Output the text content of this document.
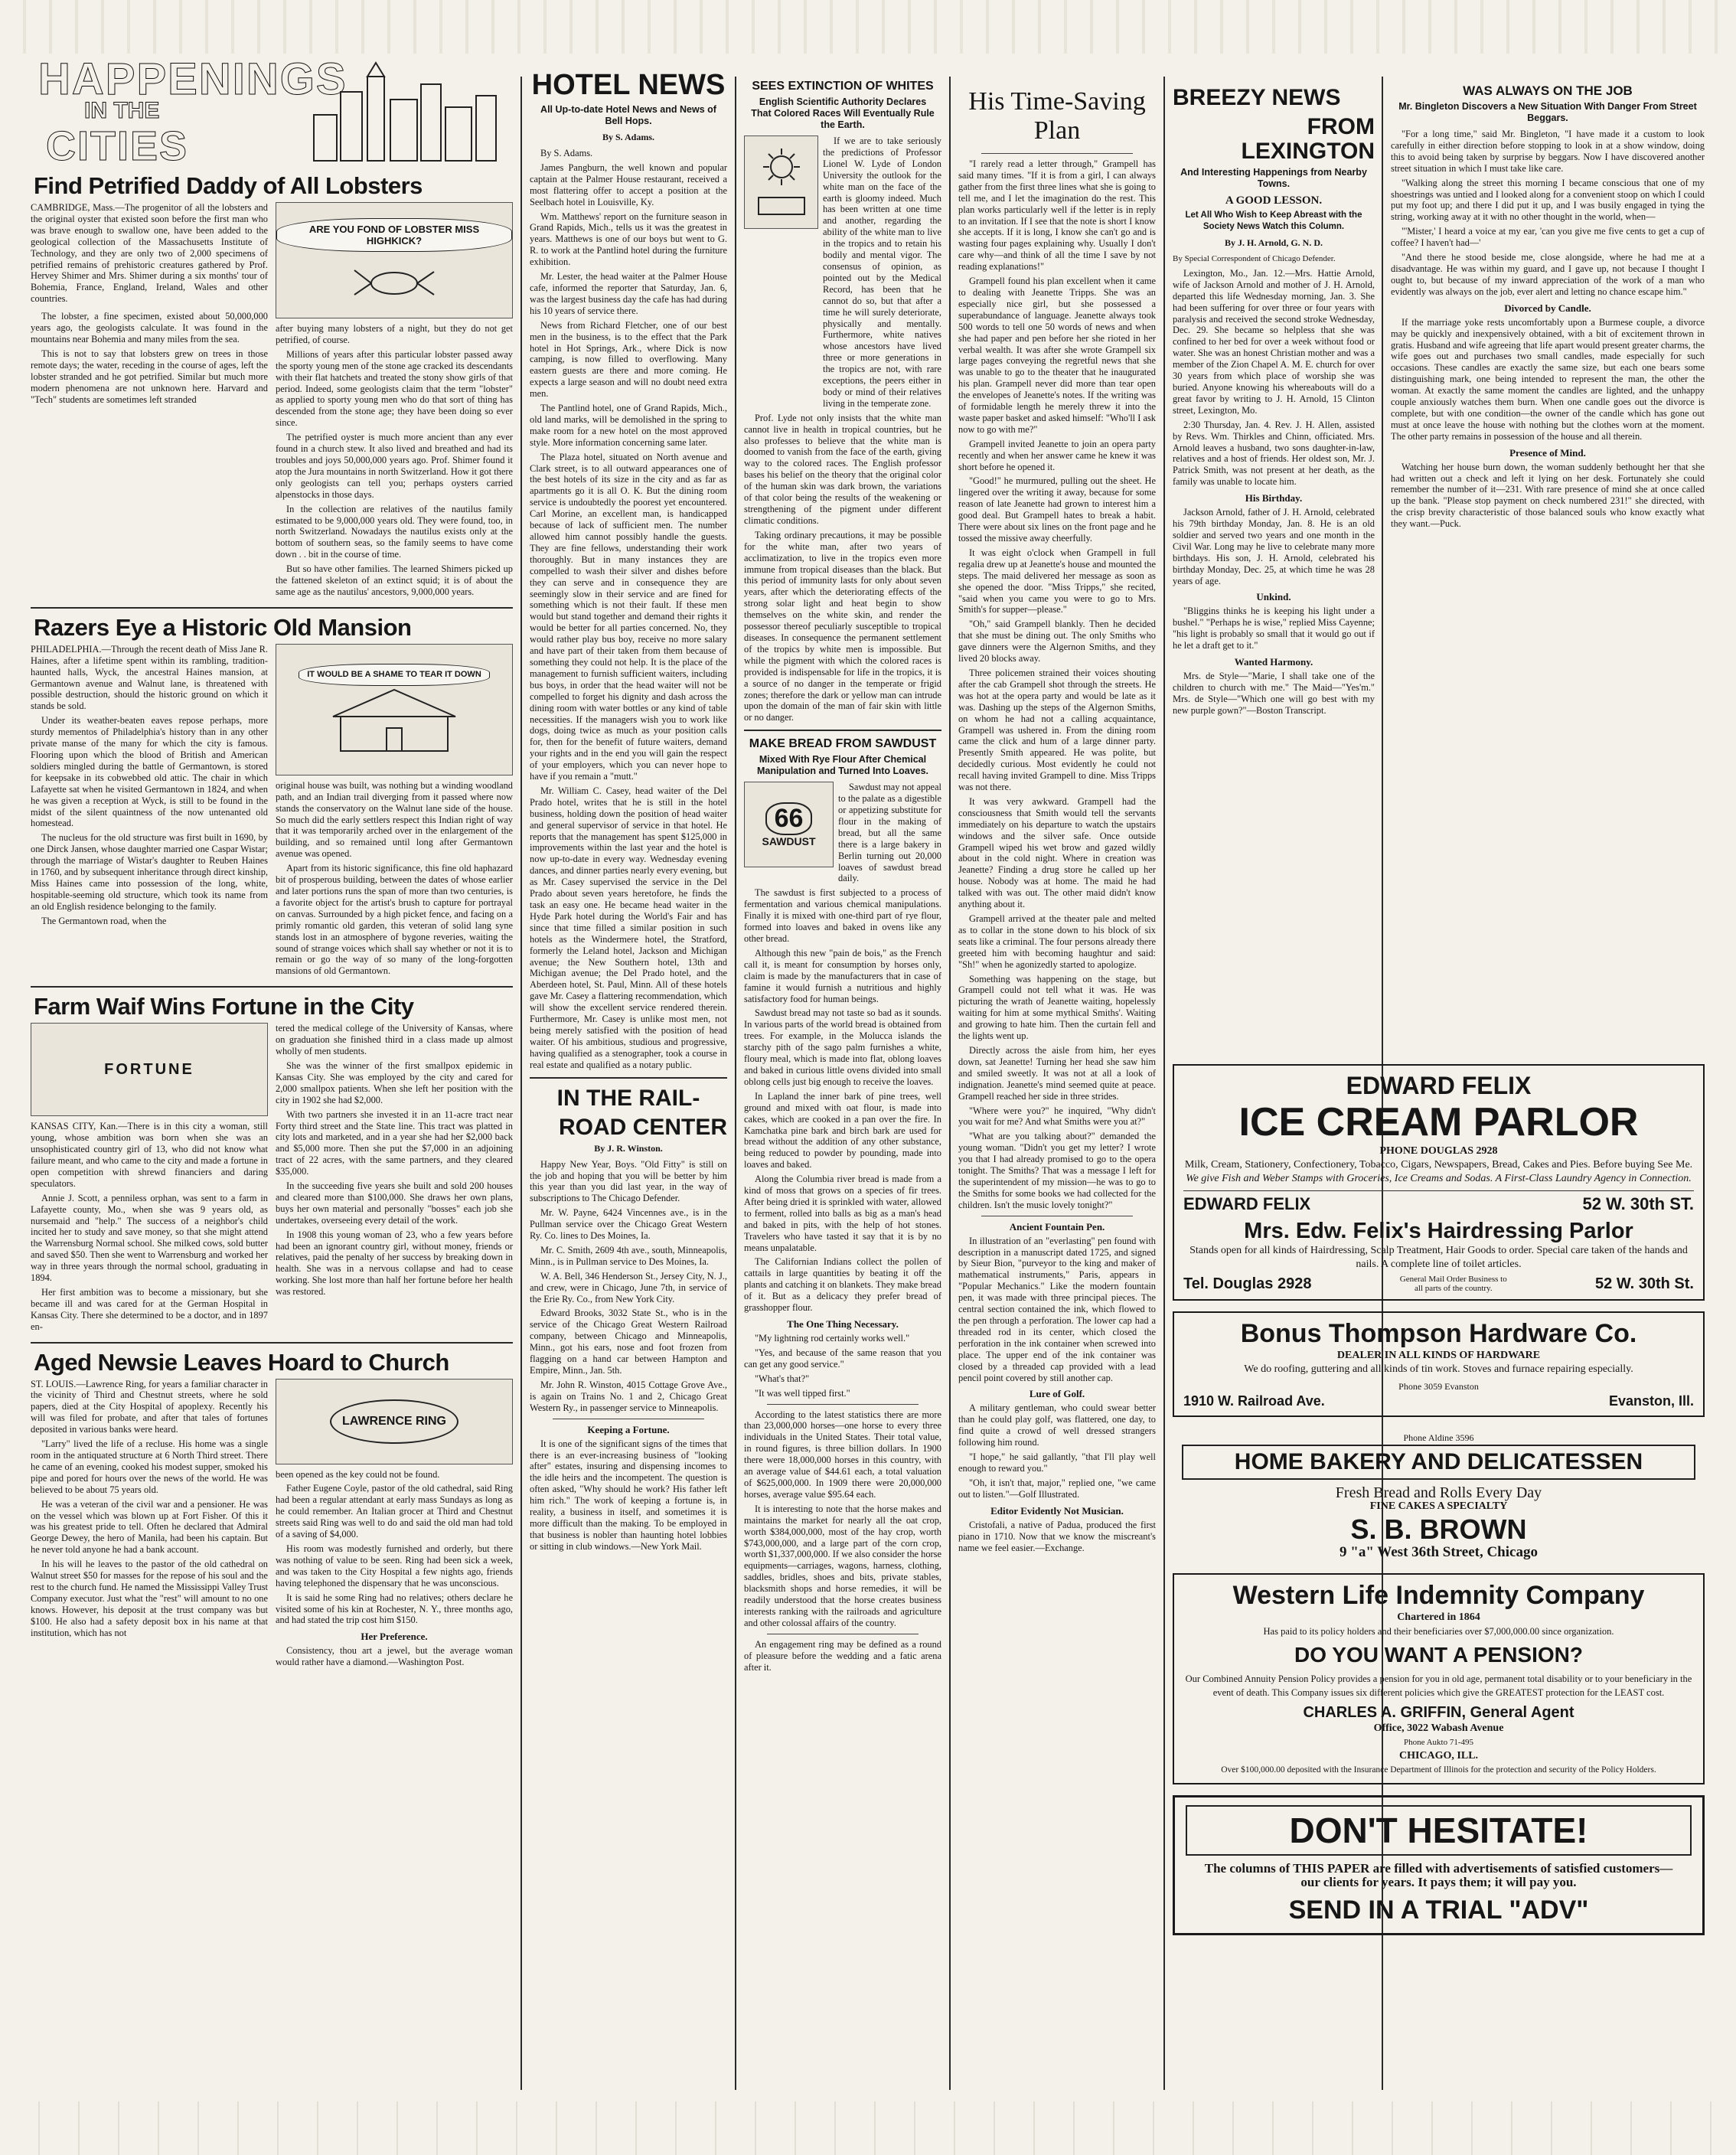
HAPPENINGS
IN THE
CITIES
Find Petrified Daddy of All Lobsters

CAMBRIDGE, Mass.—The progenitor of all the lobsters and the original oyster that existed soon before the first man who was brave enough to swallow one, have been added to the geological collection of the Massachusetts Institute of Technology, and they are only two of 2,000 specimens of petrified remains of prehistoric creatures gathered by Prof. Hervey Shimer and Mrs. Shimer during a six months' tour of Bohemia, France, England, Ireland, Wales and other countries.

The lobster, a fine specimen, existed about 50,000,000 years ago, the geologists calculate. It was found in the mountains near Bohemia and many miles from the sea.

This is not to say that lobsters grew on trees in those remote days; the water, receding in the course of ages, left the lobster stranded and he got petrified. Similar but much more modern phenomena are not unknown here. Harvard and "Tech" students are sometimes left stranded

ARE YOU FOND OF LOBSTER MISS HIGHKICK?

after buying many lobsters of a night, but they do not get petrified, of course.

Millions of years after this particular lobster passed away the sporty young men of the stone age cracked its descendants with their flat hatchets and treated the stony show girls of that period. Indeed, some geologists claim that the term "lobster" as applied to sporty young men who do that sort of thing has descended from the stone age; they have been doing so ever since.

The petrified oyster is much more ancient than any ever found in a church stew. It also lived and breathed and had its troubles and joys 50,000,000 years ago. Prof. Shimer found it atop the Jura mountains in north Switzerland. How it got there only geologists can tell you; perhaps oysters carried alpenstocks in those days.

In the collection are relatives of the nautilus family estimated to be 9,000,000 years old. They were found, too, in north Switzerland. Nowadays the nautilus exists only at the bottom of southern seas, so the family seems to have come down . . bit in the course of time.

But so have other families. The learned Shimers picked up the fattened skeleton of an extinct squid; it is of about the same age as the nautilus' ancestors, 9,000,000 years.

Razers Eye a Historic Old Mansion

PHILADELPHIA.—Through the recent death of Miss Jane R. Haines, after a lifetime spent within its rambling, tradition-haunted halls, Wyck, the ancestral Haines mansion, at Germantown avenue and Walnut lane, is threatened with possible destruction, should the historic ground on which it stands be sold.

Under its weather-beaten eaves repose perhaps, more sturdy mementos of Philadelphia's history than in any other private manse of the many for which the city is famous. Flooring upon which the blood of British and American soldiers mingled during the battle of Germantown, is stored for keepsake in its cobwebbed old attic. The chair in which Lafayette sat when he visited Germantown in 1824, and when he was given a reception at Wyck, is still to be found in the midst of the silent quaintness of the now untenanted old homestead.

The nucleus for the old structure was first built in 1690, by one Dirck Jansen, whose daughter married one Caspar Wistar; through the marriage of Wistar's daughter to Reuben Haines in 1760, and by subsequent inheritance through direct kinship, Miss Haines came into possession of the long, white, hospitable-seeming old structure, which took its name from an old English residence belonging to the family.

The Germantown road, when the

IT WOULD BE A SHAME TO TEAR IT DOWN

original house was built, was nothing but a winding woodland path, and an Indian trail diverging from it passed where now stands the conservatory on the Walnut lane side of the house. So much did the early settlers respect this Indian right of way that it was temporarily arched over in the enlargement of the building, and so remained until long after Germantown avenue was opened.

Apart from its historic significance, this fine old haphazard bit of prosperous building, between the dates of whose earlier and later portions runs the span of more than two centuries, is a favorite object for the artist's brush to capture for portrayal on canvas. Surrounded by a high picket fence, and facing on a primly romantic old garden, this veteran of solid lang syne stands lost in an atmosphere of bygone reveries, waiting the sound of strange voices which shall say whether or not it is to remain or go the way of so many of the long-forgotten mansions of old Germantown.

Farm Waif Wins Fortune in the City
FORTUNE

KANSAS CITY, Kan.—There is in this city a woman, still young, whose ambition was born when she was an unsophisticated country girl of 13, who did not know what failure meant, and who came to the city and made a fortune in open competition with shrewd financiers and daring speculators.

Annie J. Scott, a penniless orphan, was sent to a farm in Lafayette county, Mo., when she was 9 years old, as nursemaid and "help." The success of a neighbor's child incited her to study and save money, so that she might attend the Warrensburg Normal school. She milked cows, sold butter and saved $50. Then she went to Warrensburg and worked her way in three years through the normal school, graduating in 1894.

Her first ambition was to become a missionary, but she became ill and was cared for at the German Hospital in Kansas City. There she determined to be a doctor, and in 1897 en-

tered the medical college of the University of Kansas, where on graduation she finished third in a class made up almost wholly of men students.

She was the winner of the first smallpox epidemic in Kansas City. She was employed by the city and cared for 2,000 smallpox patients. When she left her position with the city in 1902 she had $2,000.

With two partners she invested it in an 11-acre tract near Forty third street and the State line. This tract was platted in city lots and marketed, and in a year she had her $2,000 back and $5,000 more. Then she put the $7,000 in an adjoining tract of 22 acres, with the same partners, and they cleared $35,000.

In the succeeding five years she built and sold 200 houses and cleared more than $100,000. She draws her own plans, buys her own material and personally "bosses" each job she undertakes, overseeing every detail of the work.

In 1908 this young woman of 23, who a few years before had been an ignorant country girl, without money, friends or relatives, paid the penalty of her success by breaking down in health. She was in a nervous collapse and had to cease working. She lost more than half her fortune before her health was restored.

Aged Newsie Leaves Hoard to Church

ST. LOUIS.—Lawrence Ring, for years a familiar character in the vicinity of Third and Chestnut streets, where he sold papers, died at the City Hospital of apoplexy. Recently his will was filed for probate, and after that tales of fortunes deposited in various banks were heard.

"Larry" lived the life of a recluse. His home was a single room in the antiquated structure at 6 North Third street. There he came of an evening, cooked his modest supper, smoked his pipe and pored for hours over the news of the world. He was believed to be about 75 years old.

He was a veteran of the civil war and a pensioner. He was on the vessel which was blown up at Fort Fisher. Of this it was his greatest pride to tell. Often he declared that Admiral George Dewey, the hero of Manila, had been his captain. But he never told anyone he had a bank account.

In his will he leaves to the pastor of the old cathedral on Walnut street $50 for masses for the repose of his soul and the rest to the church fund. He named the Mississippi Valley Trust Company executor. Just what the "rest" will amount to no one knows. However, his deposit at the trust company was but $100. He also had a safety deposit box in his name at that institution, which has not

LAWRENCE RING

been opened as the key could not be found.

Father Eugene Coyle, pastor of the old cathedral, said Ring had been a regular attendant at early mass Sundays as long as he could remember. An Italian grocer at Third and Chestnut streets said Ring was well to do and said the old man had told of a saving of $4,000.

His room was modestly furnished and orderly, but there was nothing of value to be seen. Ring had been sick a week, and was taken to the City Hospital a few nights ago, friends having telephoned the dispensary that he was unconscious.

It is said he some Ring had no relatives; others declare he visited some of his kin at Rochester, N. Y., three months ago, and had stated the trip cost him $150.

Her Preference.

Consistency, thou art a jewel, but the average woman would rather have a diamond.—Washington Post.

HOTEL NEWS
All Up-to-date Hotel News and News of Bell Hops.
By S. Adams.

By S. Adams.

James Pangburn, the well known and popular captain at the Palmer House restaurant, received a most flattering offer to accept a position at the Seelbach hotel in Louisville, Ky.

Wm. Matthews' report on the furniture season in Grand Rapids, Mich., tells us it was the greatest in years. Matthews is one of our boys but went to G. R. to work at the Pantlind hotel during the furniture exhibition.

Mr. Lester, the head waiter at the Palmer House cafe, informed the reporter that Saturday, Jan. 6, was the largest business day the cafe has had during his 10 years of service there.

News from Richard Fletcher, one of our best men in the business, is to the effect that the Park hotel in Hot Springs, Ark., where Dick is now camping, is now filled to overflowing. Many eastern guests are there and more coming. He expects a large season and will no doubt need extra men.

The Pantlind hotel, one of Grand Rapids, Mich., old land marks, will be demolished in the spring to make room for a new hotel on the most approved style. More information concerning same later.

The Plaza hotel, situated on North avenue and Clark street, is to all outward appearances one of the best hotels of its size in the city and as far as apartments go it is all O. K. But the dining room service is undoubtedly the poorest yet encountered. Carl Morine, an excellent man, is handicapped because of lack of sufficient men. The number allowed him cannot possibly handle the guests. They are fine fellows, understanding their work thoroughly. But in many instances they are compelled to wash their silver and dishes before they can serve and in consequence they are seemingly slow in their service and are fined for something which is not their fault. If these men would but stand together and demand their rights it would be better for all parties concerned. No, they would rather play bus boy, receive no more salary and have part of their taken from them because of something they could not help. It is the place of the management to furnish sufficient waiters, including bus boys, in order that the head waiter will not be compelled to forget his dignity and dash across the dining room with water bottles or any kind of table necessities. If the managers wish you to work like dogs, doing twice as much as your position calls for, then for the benefit of future waiters, demand your rights and in the end you will gain the respect of your employers, which you can never hope to have if you remain a "mutt."

Mr. William C. Casey, head waiter of the Del Prado hotel, writes that he is still in the hotel business, holding down the position of head waiter and general supervisor of service in that hotel. He reports that the management has spent $125,000 in improvements within the last year and the hotel is now up-to-date in every way. Wednesday evening dances, and dinner parties nearly every evening, but as Mr. Casey supervised the service in the Del Prado about seven years heretofore, he finds the task an easy one. He became head waiter in the Hyde Park hotel during the World's Fair and has since that time filled a similar position in such hotels as the Windermere hotel, the Stratford, formerly the Leland hotel, Jackson and Michigan avenue; the New Southern hotel, 13th and Michigan avenue; the Del Prado hotel, and the Aberdeen hotel, St. Paul, Minn. All of these hotels gave Mr. Casey a flattering recommendation, which will show the excellent service rendered therein. Furthermore, Mr. Casey is unlike most men, not being merely satisfied with the position of head waiter. Of his ambitious, studious and progressive, having qualified as a stenographer, took a course in real estate and qualified as a notary public.

IN THE RAIL-
ROAD CENTER
By J. R. Winston.

Happy New Year, Boys. "Old Fitty" is still on the job and hoping that you will be better by him this year than you did last year, in the way of subscriptions to The Chicago Defender.

Mr. W. Payne, 6424 Vincennes ave., is in the Pullman service over the Chicago Great Western Ry. Co. lines to Des Moines, Ia.

Mr. C. Smith, 2609 4th ave., south, Minneapolis, Minn., is in Pullman service to Des Moines, Ia.

W. A. Bell, 346 Henderson St., Jersey City, N. J., and crew, were in Chicago, June 7th, in service of the Erie Ry. Co., from New York City.

Edward Brooks, 3032 State St., who is in the service of the Chicago Great Western Railroad company, between Chicago and Minneapolis, Minn., got his ears, nose and foot frozen from flagging on a hand car between Hampton and Empire, Minn., Jan. 5th.

Mr. John R. Winston, 4015 Cottage Grove Ave., is again on Trains No. 1 and 2, Chicago Great Western Ry., in passenger service to Minneapolis.

Keeping a Fortune.

It is one of the significant signs of the times that there is an ever-increasing business of "looking after" estates, insuring and dispensing incomes to the idle heirs and the incompetent. The question is often asked, "Why should he work? His father left him rich." The work of keeping a fortune is, in reality, a business in itself, and sometimes it is more difficult than the making. To be employed in that business is nobler than haunting hotel lobbies or sitting in club windows.—New York Mail.

SEES EXTINCTION OF WHITES
English Scientific Authority Declares That Colored Races Will Eventually Rule the Earth.

If we are to take seriously the predictions of Professor Lionel W. Lyde of London University the outlook for the white man on the face of the earth is gloomy indeed. Much has been written at one time and another, regarding the ability of the white man to live in the tropics and to retain his bodily and mental vigor. The consensus of opinion, as pointed out by the Medical Record, has been that he cannot do so, but that after a time he will surely deteriorate, physically and mentally. Furthermore, white natives whose ancestors have lived three or more generations in the tropics are not, with rare exceptions, the peers either in body or mind of their relatives living in the temperate zone.

Prof. Lyde not only insists that the white man cannot live in health in tropical countries, but he also professes to believe that the white man is doomed to vanish from the face of the earth, giving way to the colored races. The English professor bases his belief on the theory that the original color of the human skin was dark brown, the variations of that color being the results of the weakening or strengthening of the pigment under different climatic conditions.

Taking ordinary precautions, it may be possible for the white man, after two years of acclimatization, to live in the tropics even more immune from tropical diseases than the black. But this period of immunity lasts for only about seven years, after which the deteriorating effects of the strong solar light and heat begin to show themselves on the white skin, and render the possessor thereof peculiarly susceptible to tropical diseases. In consequence the permanent settlement of the tropics by white men is impossible. But while the pigment with which the colored races is provided is indispensable for life in the tropics, it is a source of no danger in the temperate or frigid zones; therefore the dark or yellow man can intrude upon the domain of the man of fair skin with little or no danger.

MAKE BREAD FROM SAWDUST
Mixed With Rye Flour After Chemical Manipulation and Turned Into Loaves.
66
SAWDUST

Sawdust may not appeal to the palate as a digestible or appetizing substitute for flour in the making of bread, but all the same there is a large bakery in Berlin turning out 20,000 loaves of sawdust bread daily.

The sawdust is first subjected to a process of fermentation and various chemical manipulations. Finally it is mixed with one-third part of rye flour, formed into loaves and baked in ovens like any other bread.

Although this new "pain de bois," as the French call it, is meant for consumption by horses only, claim is made by the manufacturers that in case of famine it would furnish a nutritious and highly satisfactory food for human beings.

Sawdust bread may not taste so bad as it sounds. In various parts of the world bread is obtained from trees. For example, in the Molucca islands the starchy pith of the sago palm furnishes a white, floury meal, which is made into flat, oblong loaves and baked in curious little ovens divided into small oblong cells just big enough to receive the loaves.

In Lapland the inner bark of pine trees, well ground and mixed with oat flour, is made into cakes, which are cooked in a pan over the fire. In Kamchatka pine bark and birch bark are used for bread without the addition of any other substance, being reduced to powder by pounding, made into loaves and baked.

Along the Columbia river bread is made from a kind of moss that grows on a species of fir trees. After being dried it is sprinkled with water, allowed to ferment, rolled into balls as big as a man's head and baked in pits, with the help of hot stones. Travelers who have tasted it say that it is by no means unpalatable.

The Californian Indians collect the pollen of cattails in large quantities by beating it off the plants and catching it on blankets. They make bread of it. But as a delicacy they prefer bread of grasshopper flour.

The One Thing Necessary.

"My lightning rod certainly works well."

"Yes, and because of the same reason that you can get any good service."

"What's that?"

"It was well tipped first."

According to the latest statistics there are more than 23,000,000 horses—one horse to every three individuals in the United States. Their total value, in round figures, is three billion dollars. In 1900 there were 18,000,000 horses in this country, with an average value of $44.61 each, a total valuation of $625,000,000. In 1909 there were 20,000,000 horses, average value $95.64 each.

It is interesting to note that the horse makes and maintains the market for nearly all the oat crop, worth $384,000,000, most of the hay crop, worth $743,000,000, and a large part of the corn crop, worth $1,337,000,000. If we also consider the horse equipments—carriages, wagons, harness, clothing, saddles, bridles, shoes and bits, private stables, blacksmith shops and horse remedies, it will be readily understood that the horse creates business interests ranking with the railroads and agriculture and other colossal affairs of the country.

An engagement ring may be defined as a round of pleasure before the wedding and a fatic arena after it.

His Time-Saving
Plan

"I rarely read a letter through," Grampell has said many times. "If it is from a girl, I can always gather from the first three lines what she is going to tell me, and I let the imagination do the rest. This plan works particularly well if the letter is in reply to an invitation. If I see that the note is short I know she accepts. If it is long, I know she can't go and is wasting four pages explaining why. Usually I don't care why—and think of all the time I save by not reading explanations!"

Grampell found his plan excellent when it came to dealing with Jeanette Tripps. She was an especially nice girl, but she possessed a superabundance of language. Jeanette always took 500 words to tell one 50 words of news and when she had paper and pen before her she rioted in her verbal wealth. It was after she wrote Grampell six large pages conveying the regretful news that she was unable to go to the theater that he inaugurated his plan. Grampell never did more than tear open the envelopes of Jeanette's notes. If the writing was of formidable length he merely threw it into the waste paper basket and asked himself: "Who'll I ask now to go with me?"

Grampell invited Jeanette to join an opera party recently and when her answer came he knew it was short before he opened it.

"Good!" he murmured, pulling out the sheet. He lingered over the writing it away, because for some reason of late Jeanette had grown to interest him a good deal. But Grampell hates to break a habit. There were about six lines on the front page and he tossed the missive away cheerfully.

It was eight o'clock when Grampell in full regalia drew up at Jeanette's house and mounted the steps. The maid delivered her message as soon as she opened the door. "Miss Tripps," she recited, "said when you came you were to go to Mrs. Smith's for supper—please."

"Oh," said Grampell blankly. Then he decided that she must be dining out. The only Smiths who gave dinners were the Algernon Smiths, and they lived 20 blocks away.

Three policemen strained their voices shouting after the cab Grampell shot through the streets. He was hot at the opera party and would be late as it was. Dashing up the steps of the Algernon Smiths, on whom he had not a calling acquaintance, Grampell was ushered in. From the dining room came the click and hum of a large dinner party. Presently Smith appeared. He was polite, but decidedly curious. Most evidently he could not recall having invited Grampell to dine. Miss Tripps was not there.

It was very awkward. Grampell had the consciousness that Smith would tell the servants immediately on his departure to watch the upstairs windows and the silver safe. Once outside Grampell wiped his wet brow and gazed wildly about in the cold night. Where in creation was Jeanette? Finding a drug store he called up her house. Nobody was at home. The maid he had talked with was out. The other maid didn't know anything about it.

Grampell arrived at the theater pale and melted as to collar in the stone down to his block of six seats like a criminal. The four persons already there greeted him with becoming haughtur and said: "Sh!" when he agonizedly started to apologize.

Something was happening on the stage, but Grampell could not tell what it was. He was picturing the wrath of Jeanette waiting, hopelessly waiting for him at some mythical Smiths'. Waiting and growing to hate him. Then the curtain fell and the lights went up.

Directly across the aisle from him, her eyes down, sat Jeanette! Turning her head she saw him and smiled sweetly. It was not at all a look of indignation. Jeanette's mind seemed quite at peace. Grampell reached her side in three strides.

"Where were you?" he inquired, "Why didn't you wait for me? And what Smiths were you at?"

"What are you talking about?" demanded the young woman. "Didn't you get my letter? I wrote you that I had already promised to go to the opera tonight. The Smiths? That was a message I left for the superintendent of my mission—he was to go to the Smiths for some books we had collected for the children. Isn't the music lovely tonight?"

Ancient Fountain Pen.

In illustration of an "everlasting" pen found with description in a manuscript dated 1725, and signed by Sieur Bion, "purveyor to the king and maker of mathematical instruments," Paris, appears in "Popular Mechanics." Like the modern fountain pen, it was made with three principal pieces. The central section contained the ink, which flowed to the pen through a perforation. The lower cap had a threaded rod in its center, which closed the perforation in the ink container when screwed into place. The upper end of the ink container was closed by a threaded cap provided with a lead pencil point covered by still another cap.

Lure of Golf.

A military gentleman, who could swear better than he could play golf, was flattered, one day, to find quite a crowd of well dressed strangers following him round.

"I hope," he said gallantly, "that I'll play well enough to reward you."

"Oh, it isn't that, major," replied one, "we came out to listen."—Golf Illustrated.

Editor Evidently Not Musician.

Cristofali, a native of Padua, produced the first piano in 1710. Now that we know the miscreant's name we feel easier.—Exchange.

BREEZY NEWS
FROM LEXINGTON
And Interesting Happenings from Nearby Towns.
A GOOD LESSON.
Let All Who Wish to Keep Abreast with the Society News Watch this Column.
By J. H. Arnold, G. N. D.

By Special Correspondent of Chicago Defender.

Lexington, Mo., Jan. 12.—Mrs. Hattie Arnold, wife of Jackson Arnold and mother of J. H. Arnold, departed this life Wednesday morning, Jan. 3. She had been suffering for over three or four years with paralysis and received the second stroke Wednesday, Dec. 29. She became so helpless that she was confined to her bed for over a week without food or water. She was an honest Christian mother and was a member of the Zion Chapel A. M. E. church for over 30 years from which place of worship she was buried. Anyone knowing his whereabouts will do a great favor by writing to J. H. Arnold, 15 Clinton street, Lexington, Mo.

2:30 Thursday, Jan. 4. Rev. J. H. Allen, assisted by Revs. Wm. Thirkles and Chinn, officiated. Mrs. Arnold leaves a husband, two sons daughter-in-law, relatives and a host of friends. Her oldest son, Mr. J. Patrick Smith, was not present at her death, as the family was unable to locate him.

His Birthday.

Jackson Arnold, father of J. H. Arnold, celebrated his 79th birthday Monday, Jan. 8. He is an old soldier and served two years and one month in the Civil War. Long may he live to celebrate many more birthdays. His son, J. H. Arnold, celebrated his birthday Monday, Dec. 25, at which time he was 28 years of age.

Unkind.

"Bliggins thinks he is keeping his light under a bushel." "Perhaps he is wise," replied Miss Cayenne; "his light is probably so small that it would go out if he let a draft get to it."

Wanted Harmony.

Mrs. de Style—"Marie, I shall take one of the children to church with me." The Maid—"Yes'm." Mrs. de Style—"Which one will go best with my new purple gown?"—Boston Transcript.

WAS ALWAYS ON THE JOB
Mr. Bingleton Discovers a New Situation With Danger From Street Beggars.

"For a long time," said Mr. Bingleton, "I have made it a custom to look carefully in either direction before stopping to look in at a show window, doing this to avoid being taken by surprise by beggars. Now I have discovered another street situation in which I must take like care.

"Walking along the street this morning I became conscious that one of my shoestrings was untied and I looked along for a convenient stoop on which I could put my foot up; and there I did put it up, and I was busily engaged in tying the string, working away at it with no other thought in the world, when—

"'Mister,' I heard a voice at my ear, 'can you give me five cents to get a cup of coffee? I haven't had—'

"And there he stood beside me, close alongside, where he had me at a disadvantage. He was within my guard, and I gave up, not because I thought I ought to, but because of my inward appreciation of the work of a man who evidently was always on the job, ever alert and letting no chance escape him."

Divorced by Candle.

If the marriage yoke rests uncomfortably upon a Burmese couple, a divorce may be quickly and inexpensively obtained, with a bit of excitement thrown in gratis. Husband and wife agreeing that life apart would present greater charms, the wife goes out and purchases two small candles, made especially for such occasions. These candles are exactly the same size, but each one bears some distinguishing mark, one being intended to represent the man, the other the woman. At exactly the same moment the candles are lighted, and the unhappy couple anxiously watches them burn. When one candle goes out the divorce is complete, but with one condition—the owner of the candle which has gone out must at once leave the house with nothing but the clothes worn at the moment. The other party remains in possession of the house and all therein.

Presence of Mind.

Watching her house burn down, the woman suddenly bethought her that she had written out a check and left it lying on her desk. Fortunately she could remember the number of it—231. With rare presence of mind she at once called up the bank. "Please stop payment on check numbered 231!" she directed, with the crisp brevity characteristic of those balanced souls who know exactly what they want.—Puck.

EDWARD FELIX
ICE CREAM PARLOR
PHONE DOUGLAS 2928
Milk, Cream, Stationery, Confectionery, Tobacco, Cigars, Newspapers, Bread, Cakes and Pies. Before buying See Me.
We give Fish and Weber Stamps with Groceries, Ice Creams and Sodas. A First-Class Laundry Agency in Connection.
EDWARD FELIX	52 W. 30th ST.
Mrs. Edw. Felix's Hairdressing Parlor
Stands open for all kinds of Hairdressing, Scalp Treatment, Hair Goods to order. Special care taken of the hands and nails. A complete line of toilet articles.
Tel. Douglas 2928	General Mail Order Business to all parts of the country.	52 W. 30th St.
Bonus Thompson Hardware Co.
DEALER IN ALL KINDS OF HARDWARE
We do roofing, guttering and all kinds of tin work. Stoves and furnace repairing especially.
Phone 3059 Evanston
1910 W. Railroad Ave.	Evanston, Ill.
Phone Aldine 3596
HOME BAKERY AND DELICATESSEN
Fresh Bread and Rolls Every Day
FINE CAKES A SPECIALTY
S. B. BROWN
9 "a" West 36th Street, Chicago
Western Life Indemnity Company
Chartered in 1864
Has paid to its policy holders and their beneficiaries over $7,000,000.00 since organization.
DO YOU WANT A PENSION?
Our Combined Annuity Pension Policy provides a pension for you in old age, permanent total disability or to your beneficiary in the event of death. This Company issues six different policies which give the GREATEST protection for the LEAST cost.
CHARLES A. GRIFFIN, General Agent
Office, 3022 Wabash Avenue
Phone Aukto 71-495
CHICAGO, ILL.
Over $100,000.00 deposited with the Insurance Department of Illinois for the protection and security of the Policy Holders.
DON'T HESITATE!
The columns of THIS PAPER are filled with advertisements of satisfied customers—our clients for years. It pays them; it will pay you.
SEND IN A TRIAL "ADV"
